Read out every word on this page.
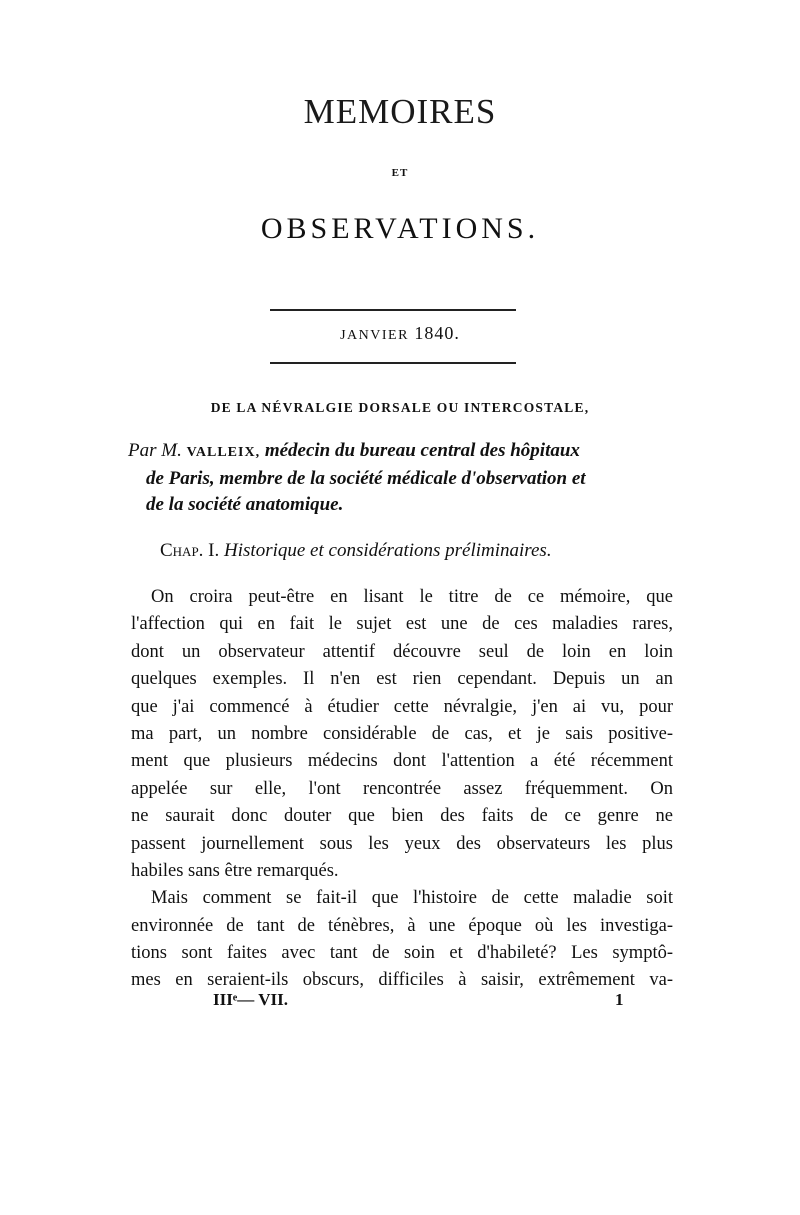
MEMOIRES
ET
OBSERVATIONS.
JANVIER 1840.
DE LA NÉVRALGIE DORSALE OU INTERCOSTALE,
Par M. VALLEIX, médecin du bureau central des hôpitaux
de Paris, membre de la société médicale d'observation et
de la société anatomique.
Chap. I. Historique et considérations préliminaires.
On croira peut-être en lisant le titre de ce mémoire, que
l'affection qui en fait le sujet est une de ces maladies rares,
dont un observateur attentif découvre seul de loin en loin
quelques exemples. Il n'en est rien cependant. Depuis un an
que j'ai commencé à étudier cette névralgie, j'en ai vu, pour
ma part, un nombre considérable de cas, et je sais positive-
ment que plusieurs médecins dont l'attention a été récemment
appelée sur elle, l'ont rencontrée assez fréquemment. On
ne saurait donc douter que bien des faits de ce genre ne
passent journellement sous les yeux des observateurs les plus
habiles sans être remarqués.
Mais comment se fait-il que l'histoire de cette maladie soit
environnée de tant de ténèbres, à une époque où les investiga-
tions sont faites avec tant de soin et d'habileté? Les symptô-
mes en seraient-ils obscurs, difficiles à saisir, extrêmement va-
IIIᵉ— VII.	1
